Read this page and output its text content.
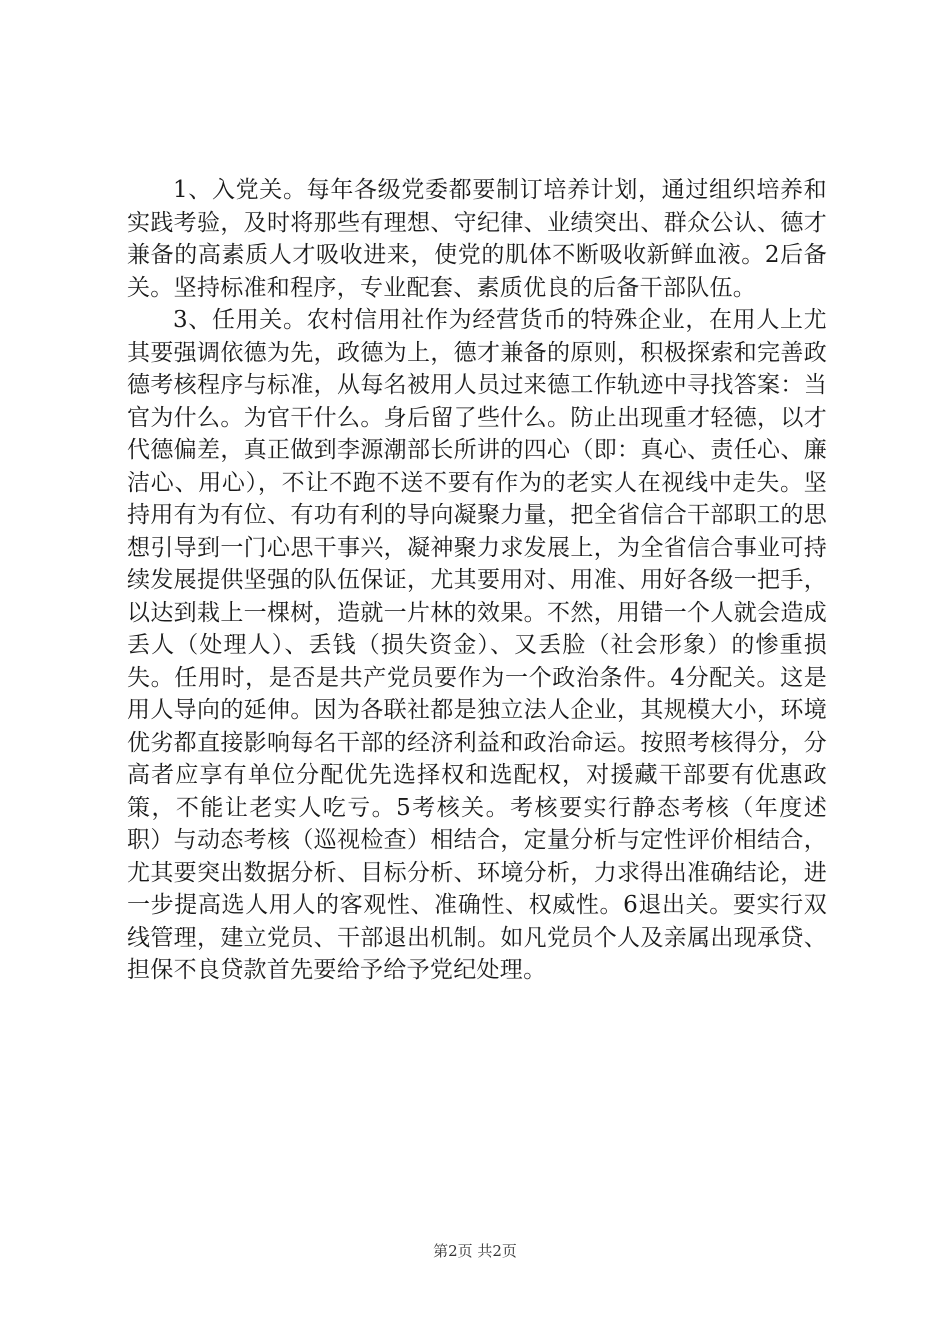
1、入党关。每年各级党委都要制订培养计划，通过组织培养和实践考验，及时将那些有理想、守纪律、业绩突出、群众公认、德才兼备的高素质人才吸收进来，使党的肌体不断吸收新鲜血液。2后备关。坚持标准和程序，专业配套、素质优良的后备干部队伍。

3、任用关。农村信用社作为经营货币的特殊企业，在用人上尤其要强调依德为先，政德为上，德才兼备的原则，积极探索和完善政德考核程序与标准，从每名被用人员过来德工作轨迹中寻找答案：当官为什么。为官干什么。身后留了些什么。防止出现重才轻德，以才代德偏差，真正做到李源潮部长所讲的四心（即：真心、责任心、廉洁心、用心），不让不跑不送不要有作为的老实人在视线中走失。坚持用有为有位、有功有利的导向凝聚力量，把全省信合干部职工的思想引导到一门心思干事兴，凝神聚力求发展上，为全省信合事业可持续发展提供坚强的队伍保证，尤其要用对、用准、用好各级一把手，以达到栽上一棵树，造就一片林的效果。不然，用错一个人就会造成丢人（处理人）、丢钱（损失资金）、又丢脸（社会形象）的惨重损失。任用时，是否是共产党员要作为一个政治条件。4分配关。这是用人导向的延伸。因为各联社都是独立法人企业，其规模大小，环境优劣都直接影响每名干部的经济利益和政治命运。按照考核得分，分高者应享有单位分配优先选择权和选配权，对援藏干部要有优惠政策，不能让老实人吃亏。5考核关。考核要实行静态考核（年度述职）与动态考核（巡视检查）相结合，定量分析与定性评价相结合，尤其要突出数据分析、目标分析、环境分析，力求得出准确结论，进一步提高选人用人的客观性、准确性、权威性。6退出关。要实行双线管理，建立党员、干部退出机制。如凡党员个人及亲属出现承贷、担保不良贷款首先要给予给予党纪处理。

第2页 共2页
